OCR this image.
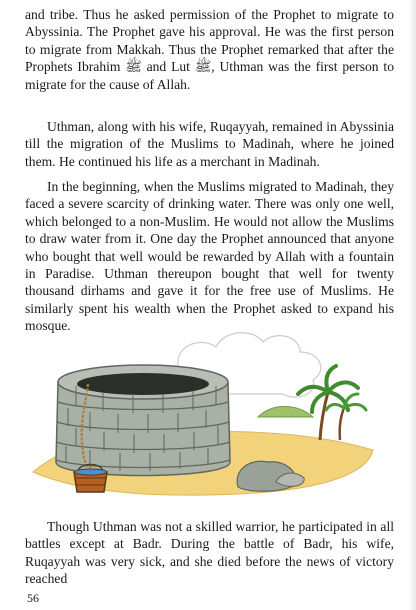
and tribe. Thus he asked permission of the Prophet to migrate to Abyssinia. The Prophet gave his approval. He was the first person to migrate from Makkah. Thus the Prophet remarked that after the Prophets Ibrahim ﷺ and Lut ﷺ, Uthman was the first person to migrate for the cause of Allah.

Uthman, along with his wife, Ruqayyah, remained in Abyssinia till the migration of the Muslims to Madinah, where he joined them. He continued his life as a merchant in Madinah.

In the beginning, when the Muslims migrated to Madinah, they faced a severe scarcity of drinking water. There was only one well, which belonged to a non-Muslim. He would not allow the Muslims to draw water from it. One day the Prophet announced that anyone who bought that well would be rewarded by Allah with a fountain in Paradise. Uthman thereupon bought that well for twenty thousand dirhams and gave it for the free use of Muslims. He similarly spent his wealth when the Prophet asked to expand his mosque.

Though Uthman was not a skilled warrior, he participated in all battles except at Badr. During the battle of Badr, his wife, Ruqayyah was very sick, and she died before the news of victory reached

56
